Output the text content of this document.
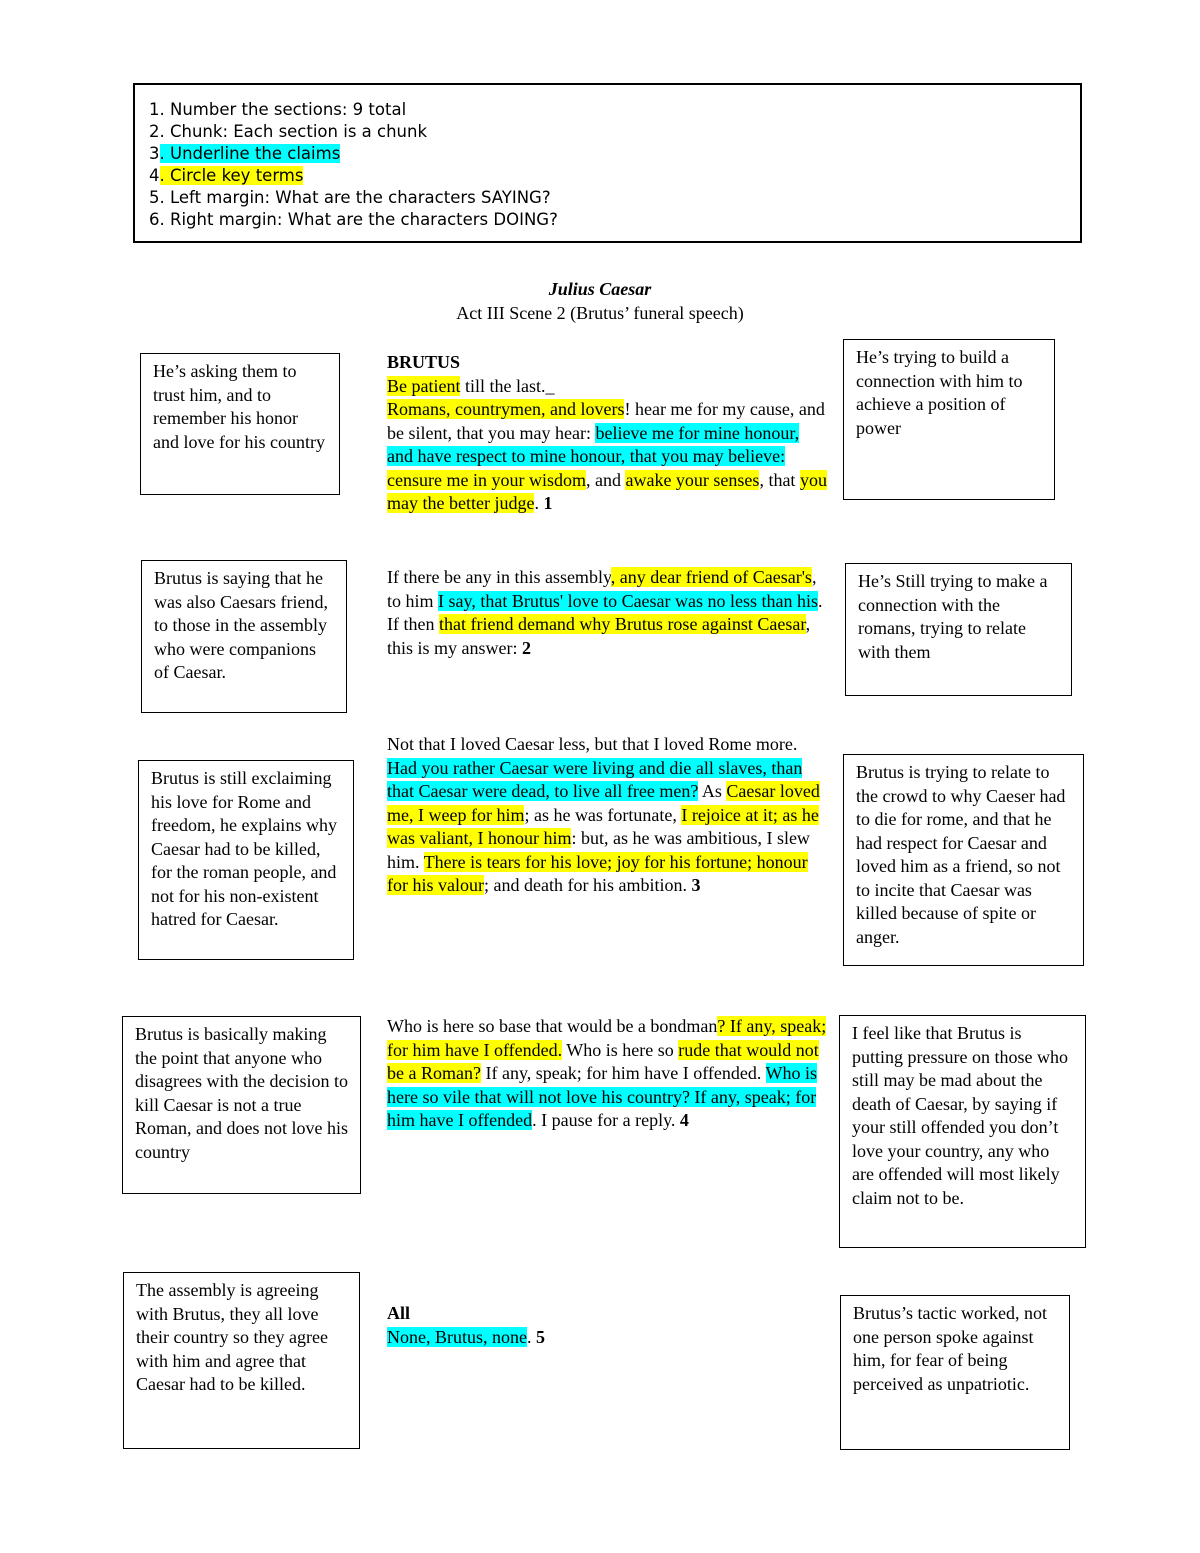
1. Number the sections: 9 total
2. Chunk: Each section is a chunk
3. Underline the claims
4. Circle key terms
5. Left margin: What are the characters SAYING?
6. Right margin: What are the characters DOING?
Julius Caesar
Act III Scene 2 (Brutus’ funeral speech)
He’s asking them to trust him, and to remember his honor and love for his country
Brutus is saying that he was also Caesars friend, to those in the assembly who were companions of Caesar.
Brutus is still exclaiming his love for Rome and freedom, he explains why Caesar had to be killed, for the roman people, and not for his non-existent hatred for Caesar.
Brutus is basically making the point that anyone who disagrees with the decision to kill Caesar is not a true Roman, and does not love his country
The assembly is agreeing with Brutus, they all love their country so they agree with him and agree that Caesar had to be killed.
He’s trying to build a connection with him to achieve a position of power
He’s Still trying to make a connection with the romans, trying to relate with them
Brutus is trying to relate to the crowd to why Caeser had to die for rome, and that he had respect for Caesar and loved him as a friend, so not to incite that Caesar was killed because of spite or anger.
I feel like that Brutus is putting pressure on those who still may be mad about the death of Caesar, by saying if your still offended you don’t love your country, any who are offended will most likely claim not to be.
Brutus’s tactic worked, not one person spoke against him, for fear of being perceived as unpatriotic.
BRUTUS
Be patient till the last._
Romans, countrymen, and lovers! hear me for my cause, and be silent, that you may hear: believe me for mine honour, and have respect to mine honour, that you may believe: censure me in your wisdom, and awake your senses, that you may the better judge. 1
If there be any in this assembly, any dear friend of Caesar's, to him I say, that Brutus' love to Caesar was no less than his. If then that friend demand why Brutus rose against Caesar, this is my answer: 2
Not that I loved Caesar less, but that I loved Rome more. Had you rather Caesar were living and die all slaves, than that Caesar were dead, to live all free men? As Caesar loved me, I weep for him; as he was fortunate, I rejoice at it; as he was valiant, I honour him: but, as he was ambitious, I slew him. There is tears for his love; joy for his fortune; honour for his valour; and death for his ambition. 3
Who is here so base that would be a bondman? If any, speak; for him have I offended. Who is here so rude that would not be a Roman? If any, speak; for him have I offended. Who is here so vile that will not love his country? If any, speak; for him have I offended. I pause for a reply. 4
All
None, Brutus, none. 5
